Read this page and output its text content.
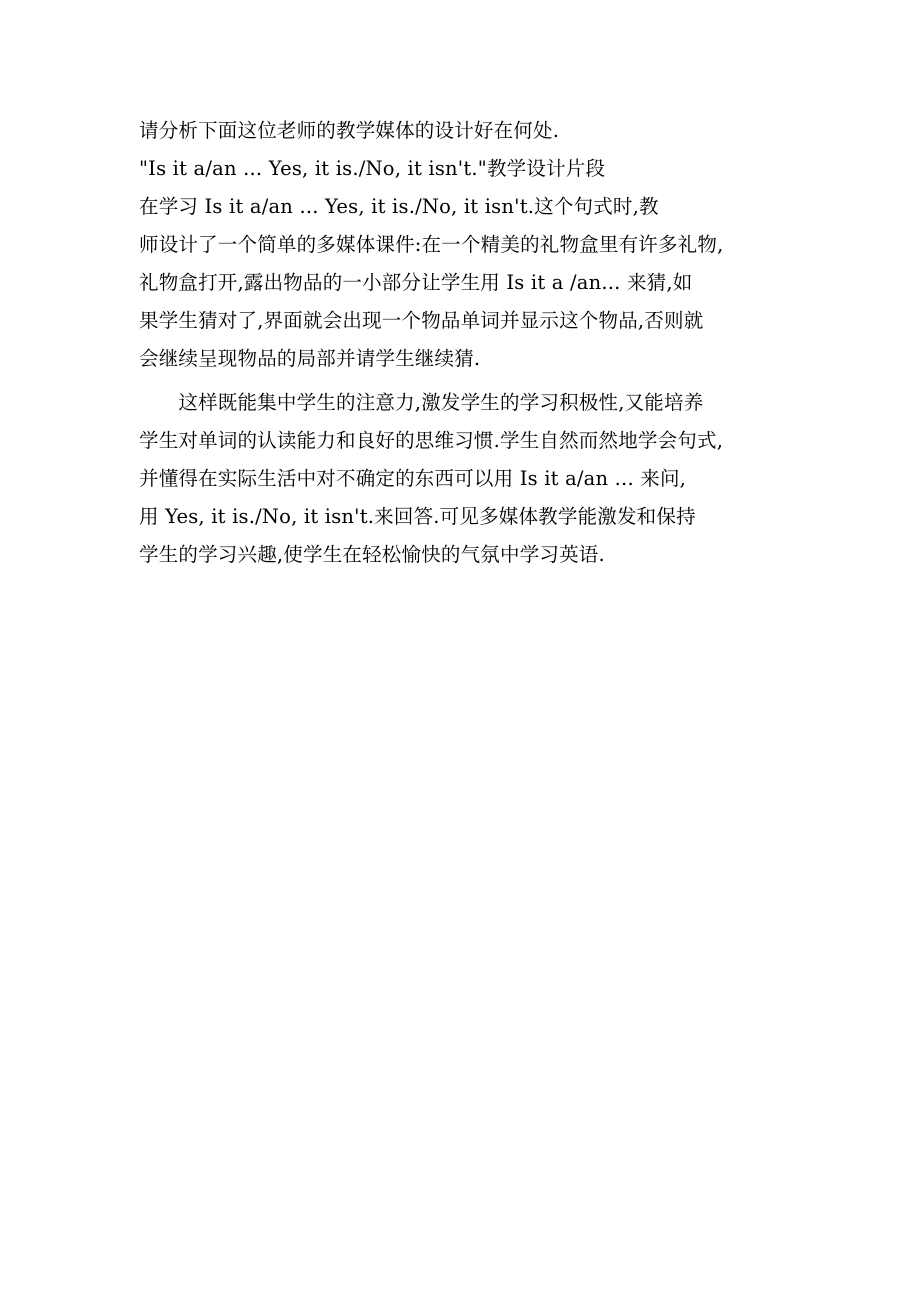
请分析下面这位老师的教学媒体的设计好在何处.
"Is it a/an ... Yes, it is./No, it isn't."教学设计片段
在学习 Is it a/an ... Yes, it is./No, it isn't.这个句式时,教
师设计了一个简单的多媒体课件:在一个精美的礼物盒里有许多礼物,
礼物盒打开,露出物品的一小部分让学生用 Is it a /an... 来猜,如
果学生猜对了,界面就会出现一个物品单词并显示这个物品,否则就
会继续呈现物品的局部并请学生继续猜.
　　这样既能集中学生的注意力,激发学生的学习积极性,又能培养
学生对单词的认读能力和良好的思维习惯.学生自然而然地学会句式,
并懂得在实际生活中对不确定的东西可以用 Is it a/an ... 来问,
用 Yes, it is./No, it isn't.来回答.可见多媒体教学能激发和保持
学生的学习兴趣,使学生在轻松愉快的气氛中学习英语.
